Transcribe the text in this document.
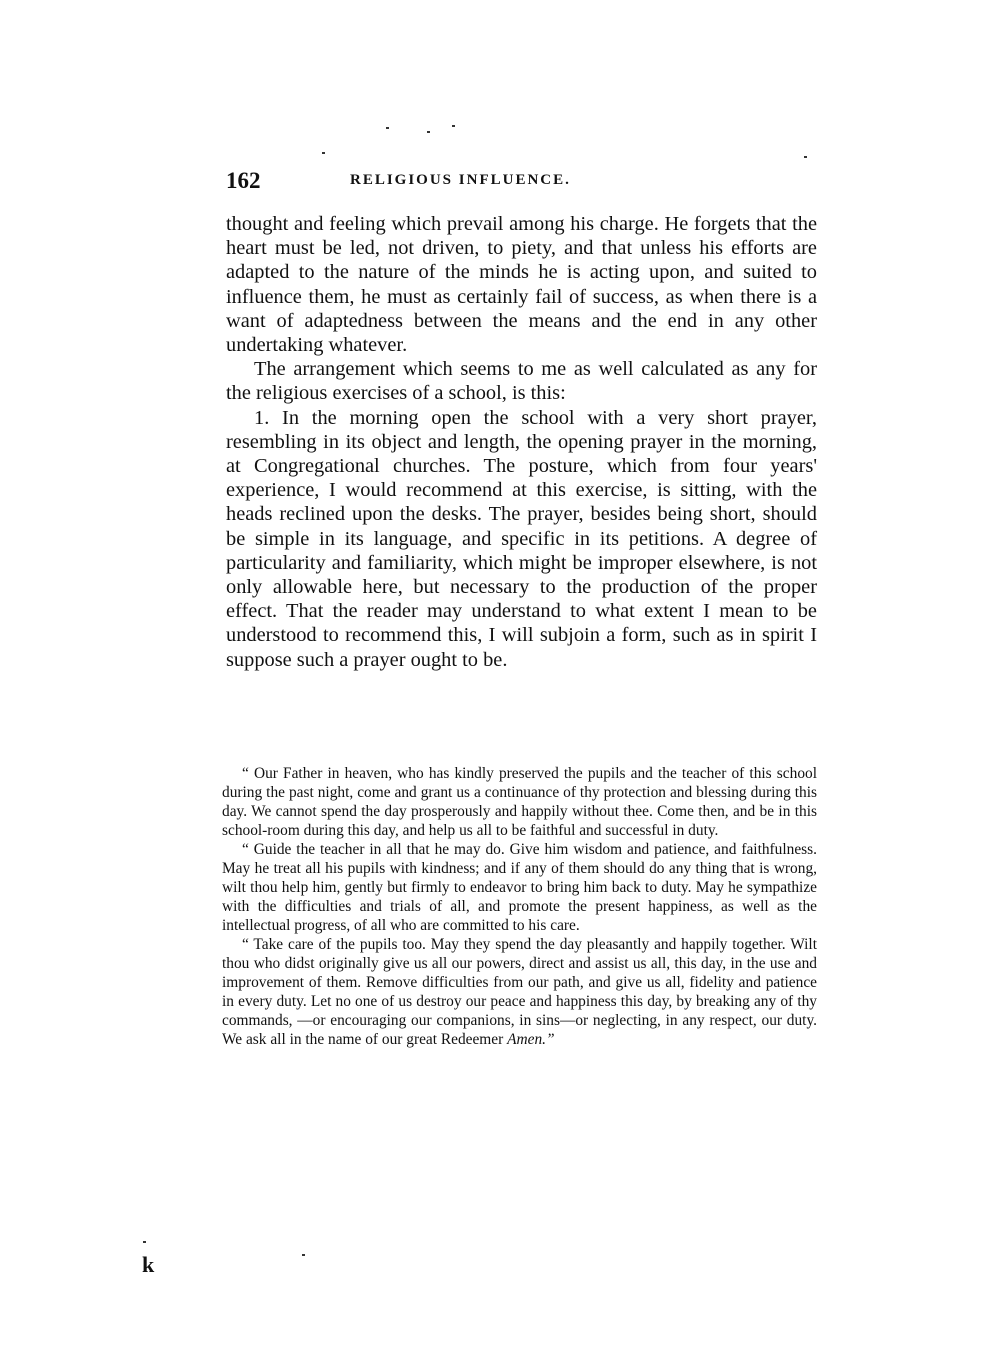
162	RELIGIOUS INFLUENCE.

thought and feeling which prevail among his charge. He forgets that the heart must be led, not driven, to piety, and that unless his efforts are adapted to the nature of the minds he is acting upon, and suited to influence them, he must as certainly fail of success, as when there is a want of adaptedness between the means and the end in any other undertaking whatever.

The arrangement which seems to me as well calculated as any for the religious exercises of a school, is this:

1. In the morning open the school with a very short prayer, resembling in its object and length, the opening prayer in the morning, at Congregational churches. The posture, which from four years' experience, I would recommend at this exercise, is sitting, with the heads reclined upon the desks. The prayer, besides being short, should be simple in its language, and specific in its petitions. A degree of particularity and familiarity, which might be improper elsewhere, is not only allowable here, but necessary to the production of the proper effect. That the reader may understand to what extent I mean to be understood to recommend this, I will subjoin a form, such as in spirit I suppose such a prayer ought to be.

“ Our Father in heaven, who has kindly preserved the pupils and the teacher of this school during the past night, come and grant us a continuance of thy protection and blessing during this day. We cannot spend the day prosperously and happily without thee. Come then, and be in this school-room during this day, and help us all to be faithful and successful in duty.

“ Guide the teacher in all that he may do. Give him wisdom and patience, and faithfulness. May he treat all his pupils with kindness; and if any of them should do any thing that is wrong, wilt thou help him, gently but firmly to endeavor to bring him back to duty. May he sympathize with the difficulties and trials of all, and promote the present happiness, as well as the intellectual progress, of all who are committed to his care.

“ Take care of the pupils too. May they spend the day pleasantly and happily together. Wilt thou who didst originally give us all our powers, direct and assist us all, this day, in the use and improvement of them. Remove difficulties from our path, and give us all, fidelity and patience in every duty. Let no one of us destroy our peace and happiness this day, by breaking any of thy commands, —or encouraging our companions, in sins—or neglecting, in any respect, our duty. We ask all in the name of our great Redeemer Amen.”

k
